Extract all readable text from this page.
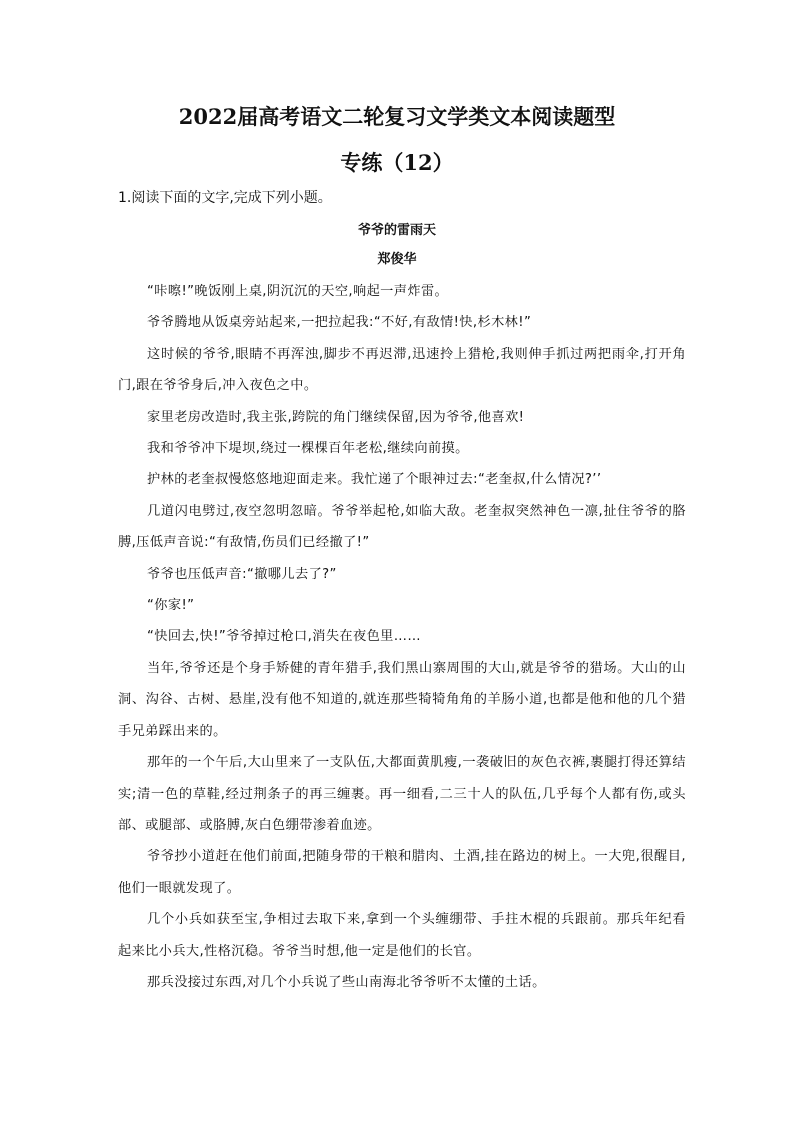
2022届高考语文二轮复习文学类文本阅读题型
专练（12）
1.阅读下面的文字,完成下列小题。
爷爷的雷雨天
郑俊华

“咔嚓!”晚饭刚上桌,阴沉沉的天空,响起一声炸雷。

爷爷腾地从饭桌旁站起来,一把拉起我:“不好,有敌情!快,杉木林!”

这时候的爷爷,眼睛不再浑浊,脚步不再迟滞,迅速拎上猎枪,我则伸手抓过两把雨伞,打开角门,跟在爷爷身后,冲入夜色之中。

家里老房改造时,我主张,跨院的角门继续保留,因为爷爷,他喜欢!

我和爷爷冲下堤坝,绕过一棵棵百年老松,继续向前摸。

护林的老奎叔慢悠悠地迎面走来。我忙递了个眼神过去:“老奎叔,什么情况?’’

几道闪电劈过,夜空忽明忽暗。爷爷举起枪,如临大敌。老奎叔突然神色一凛,扯住爷爷的胳膊,压低声音说:“有敌情,伤员们已经撤了!”

爷爷也压低声音:“撤哪儿去了?”

“你家!”

“快回去,快!”爷爷掉过枪口,消失在夜色里……

当年,爷爷还是个身手矫健的青年猎手,我们黑山寨周围的大山,就是爷爷的猎场。大山的山洞、沟谷、古树、悬崖,没有他不知道的,就连那些犄犄角角的羊肠小道,也都是他和他的几个猎手兄弟踩出来的。

那年的一个午后,大山里来了一支队伍,大都面黄肌瘦,一袭破旧的灰色衣裤,裹腿打得还算结实;清一色的草鞋,经过荆条子的再三缠裹。再一细看,二三十人的队伍,几乎每个人都有伤,或头部、或腿部、或胳膊,灰白色绷带渗着血迹。

爷爷抄小道赶在他们前面,把随身带的干粮和腊肉、土酒,挂在路边的树上。一大兜,很醒目,他们一眼就发现了。

几个小兵如获至宝,争相过去取下来,拿到一个头缠绷带、手拄木棍的兵跟前。那兵年纪看起来比小兵大,性格沉稳。爷爷当时想,他一定是他们的长官。

那兵没接过东西,对几个小兵说了些山南海北爷爷听不太懂的土话。
